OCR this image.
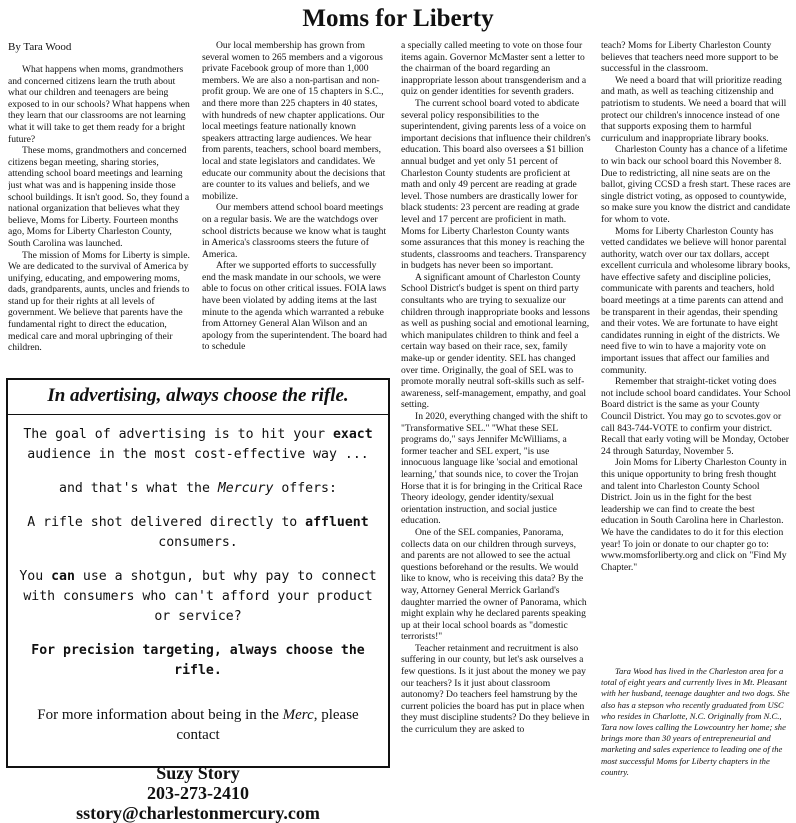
Moms for Liberty

By Tara Wood

What happens when moms, grandmothers and concerned citizens learn the truth about what our children and teenagers are being exposed to in our schools? What happens when they learn that our classrooms are not learning what it will take to get them ready for a bright future?

These moms, grandmothers and concerned citizens began meeting, sharing stories, attending school board meetings and learning just what was and is happening inside those school buildings. It isn't good. So, they found a national organization that believes what they believe, Moms for Liberty. Fourteen months ago, Moms for Liberty Charleston County, South Carolina was launched.

The mission of Moms for Liberty is simple. We are dedicated to the survival of America by unifying, educating, and empowering moms, dads, grandparents, aunts, uncles and friends to stand up for their rights at all levels of government. We believe that parents have the fundamental right to direct the education, medical care and moral upbringing of their children.

Our local membership has grown from several women to 265 members and a vigorous private Facebook group of more than 1,000 members. We are also a non-partisan and non-profit group. We are one of 15 chapters in S.C., and there more than 225 chapters in 40 states, with hundreds of new chapter applications. Our local meetings feature nationally known speakers attracting large audiences. We hear from parents, teachers, school board members, local and state legislators and candidates. We educate our community about the decisions that are counter to its values and beliefs, and we mobilize.

Our members attend school board meetings on a regular basis. We are the watchdogs over school districts because we know what is taught in America's classrooms steers the future of America.

After we supported efforts to successfully end the mask mandate in our schools, we were able to focus on other critical issues. FOIA laws have been violated by adding items at the last minute to the agenda which warranted a rebuke from Attorney General Alan Wilson and an apology from the superintendent. The board had to schedule

a specially called meeting to vote on those four items again. Governor McMaster sent a letter to the chairman of the board regarding an inappropriate lesson about transgenderism and a quiz on gender identities for seventh graders.

The current school board voted to abdicate several policy responsibilities to the superintendent, giving parents less of a voice on important decisions that influence their children's education. This board also oversees a $1 billion annual budget and yet only 51 percent of Charleston County students are proficient at math and only 49 percent are reading at grade level. Those numbers are drastically lower for black students: 23 percent are reading at grade level and 17 percent are proficient in math. Moms for Liberty Charleston County wants some assurances that this money is reaching the students, classrooms and teachers. Transparency in budgets has never been so important.

A significant amount of Charleston County School District's budget is spent on third party consultants who are trying to sexualize our children through inappropriate books and lessons as well as pushing social and emotional learning, which manipulates children to think and feel a certain way based on their race, sex, family make-up or gender identity. SEL has changed over time. Originally, the goal of SEL was to promote morally neutral soft-skills such as self-awareness, self-management, empathy, and goal setting.

In 2020, everything changed with the shift to "Transformative SEL." "What these SEL programs do," says Jennifer McWilliams, a former teacher and SEL expert, "is use innocuous language like 'social and emotional learning,' that sounds nice, to cover the Trojan Horse that it is for bringing in the Critical Race Theory ideology, gender identity/sexual orientation instruction, and social justice education.

One of the SEL companies, Panorama, collects data on our children through surveys, and parents are not allowed to see the actual questions beforehand or the results. We would like to know, who is receiving this data? By the way, Attorney General Merrick Garland's daughter married the owner of Panorama, which might explain why he declared parents speaking up at their local school boards as "domestic terrorists!"

Teacher retainment and recruitment is also suffering in our county, but let's ask ourselves a few questions. Is it just about the money we pay our teachers? Is it just about classroom autonomy? Do teachers feel hamstrung by the current policies the board has put in place when they must discipline students? Do they believe in the curriculum they are asked to

teach? Moms for Liberty Charleston County believes that teachers need more support to be successful in the classroom.

We need a board that will prioritize reading and math, as well as teaching citizenship and patriotism to students. We need a board that will protect our children's innocence instead of one that supports exposing them to harmful curriculum and inappropriate library books.

Charleston County has a chance of a lifetime to win back our school board this November 8. Due to redistricting, all nine seats are on the ballot, giving CCSD a fresh start. These races are single district voting, as opposed to countywide, so make sure you know the district and candidate for whom to vote.

Moms for Liberty Charleston County has vetted candidates we believe will honor parental authority, watch over our tax dollars, accept excellent curricula and wholesome library books, have effective safety and discipline policies, communicate with parents and teachers, hold board meetings at a time parents can attend and be transparent in their agendas, their spending and their votes. We are fortunate to have eight candidates running in eight of the districts. We need five to win to have a majority vote on important issues that affect our families and community.

Remember that straight-ticket voting does not include school board candidates. Your School Board district is the same as your County Council District. You may go to scvotes.gov or call 843-744-VOTE to confirm your district. Recall that early voting will be Monday, October 24 through Saturday, November 5.

Join Moms for Liberty Charleston County in this unique opportunity to bring fresh thought and talent into Charleston County School District. Join us in the fight for the best leadership we can find to create the best education in South Carolina here in Charleston. We have the candidates to do it for this election year! To join or donate to our chapter go to: www.momsforliberty.org and click on "Find My Chapter."

Tara Wood has lived in the Charleston area for a total of eight years and currently lives in Mt. Pleasant with her husband, teenage daughter and two dogs. She also has a stepson who recently graduated from USC who resides in Charlotte, N.C. Originally from N.C., Tara now loves calling the Lowcountry her home; she brings more than 30 years of entrepreneurial and marketing and sales experience to leading one of the most successful Moms for Liberty chapters in the country.

In advertising, always choose the rifle.

The goal of advertising is to hit your exact audience in the most cost-effective way ...

and that's what the Mercury offers:

A rifle shot delivered directly to affluent consumers.

You can use a shotgun, but why pay to connect with consumers who can't afford your product or service?

For precision targeting, always choose the rifle.

For more information about being in the Merc, please contact

Suzy Story

203-273-2410

sstory@charlestonmercury.com
